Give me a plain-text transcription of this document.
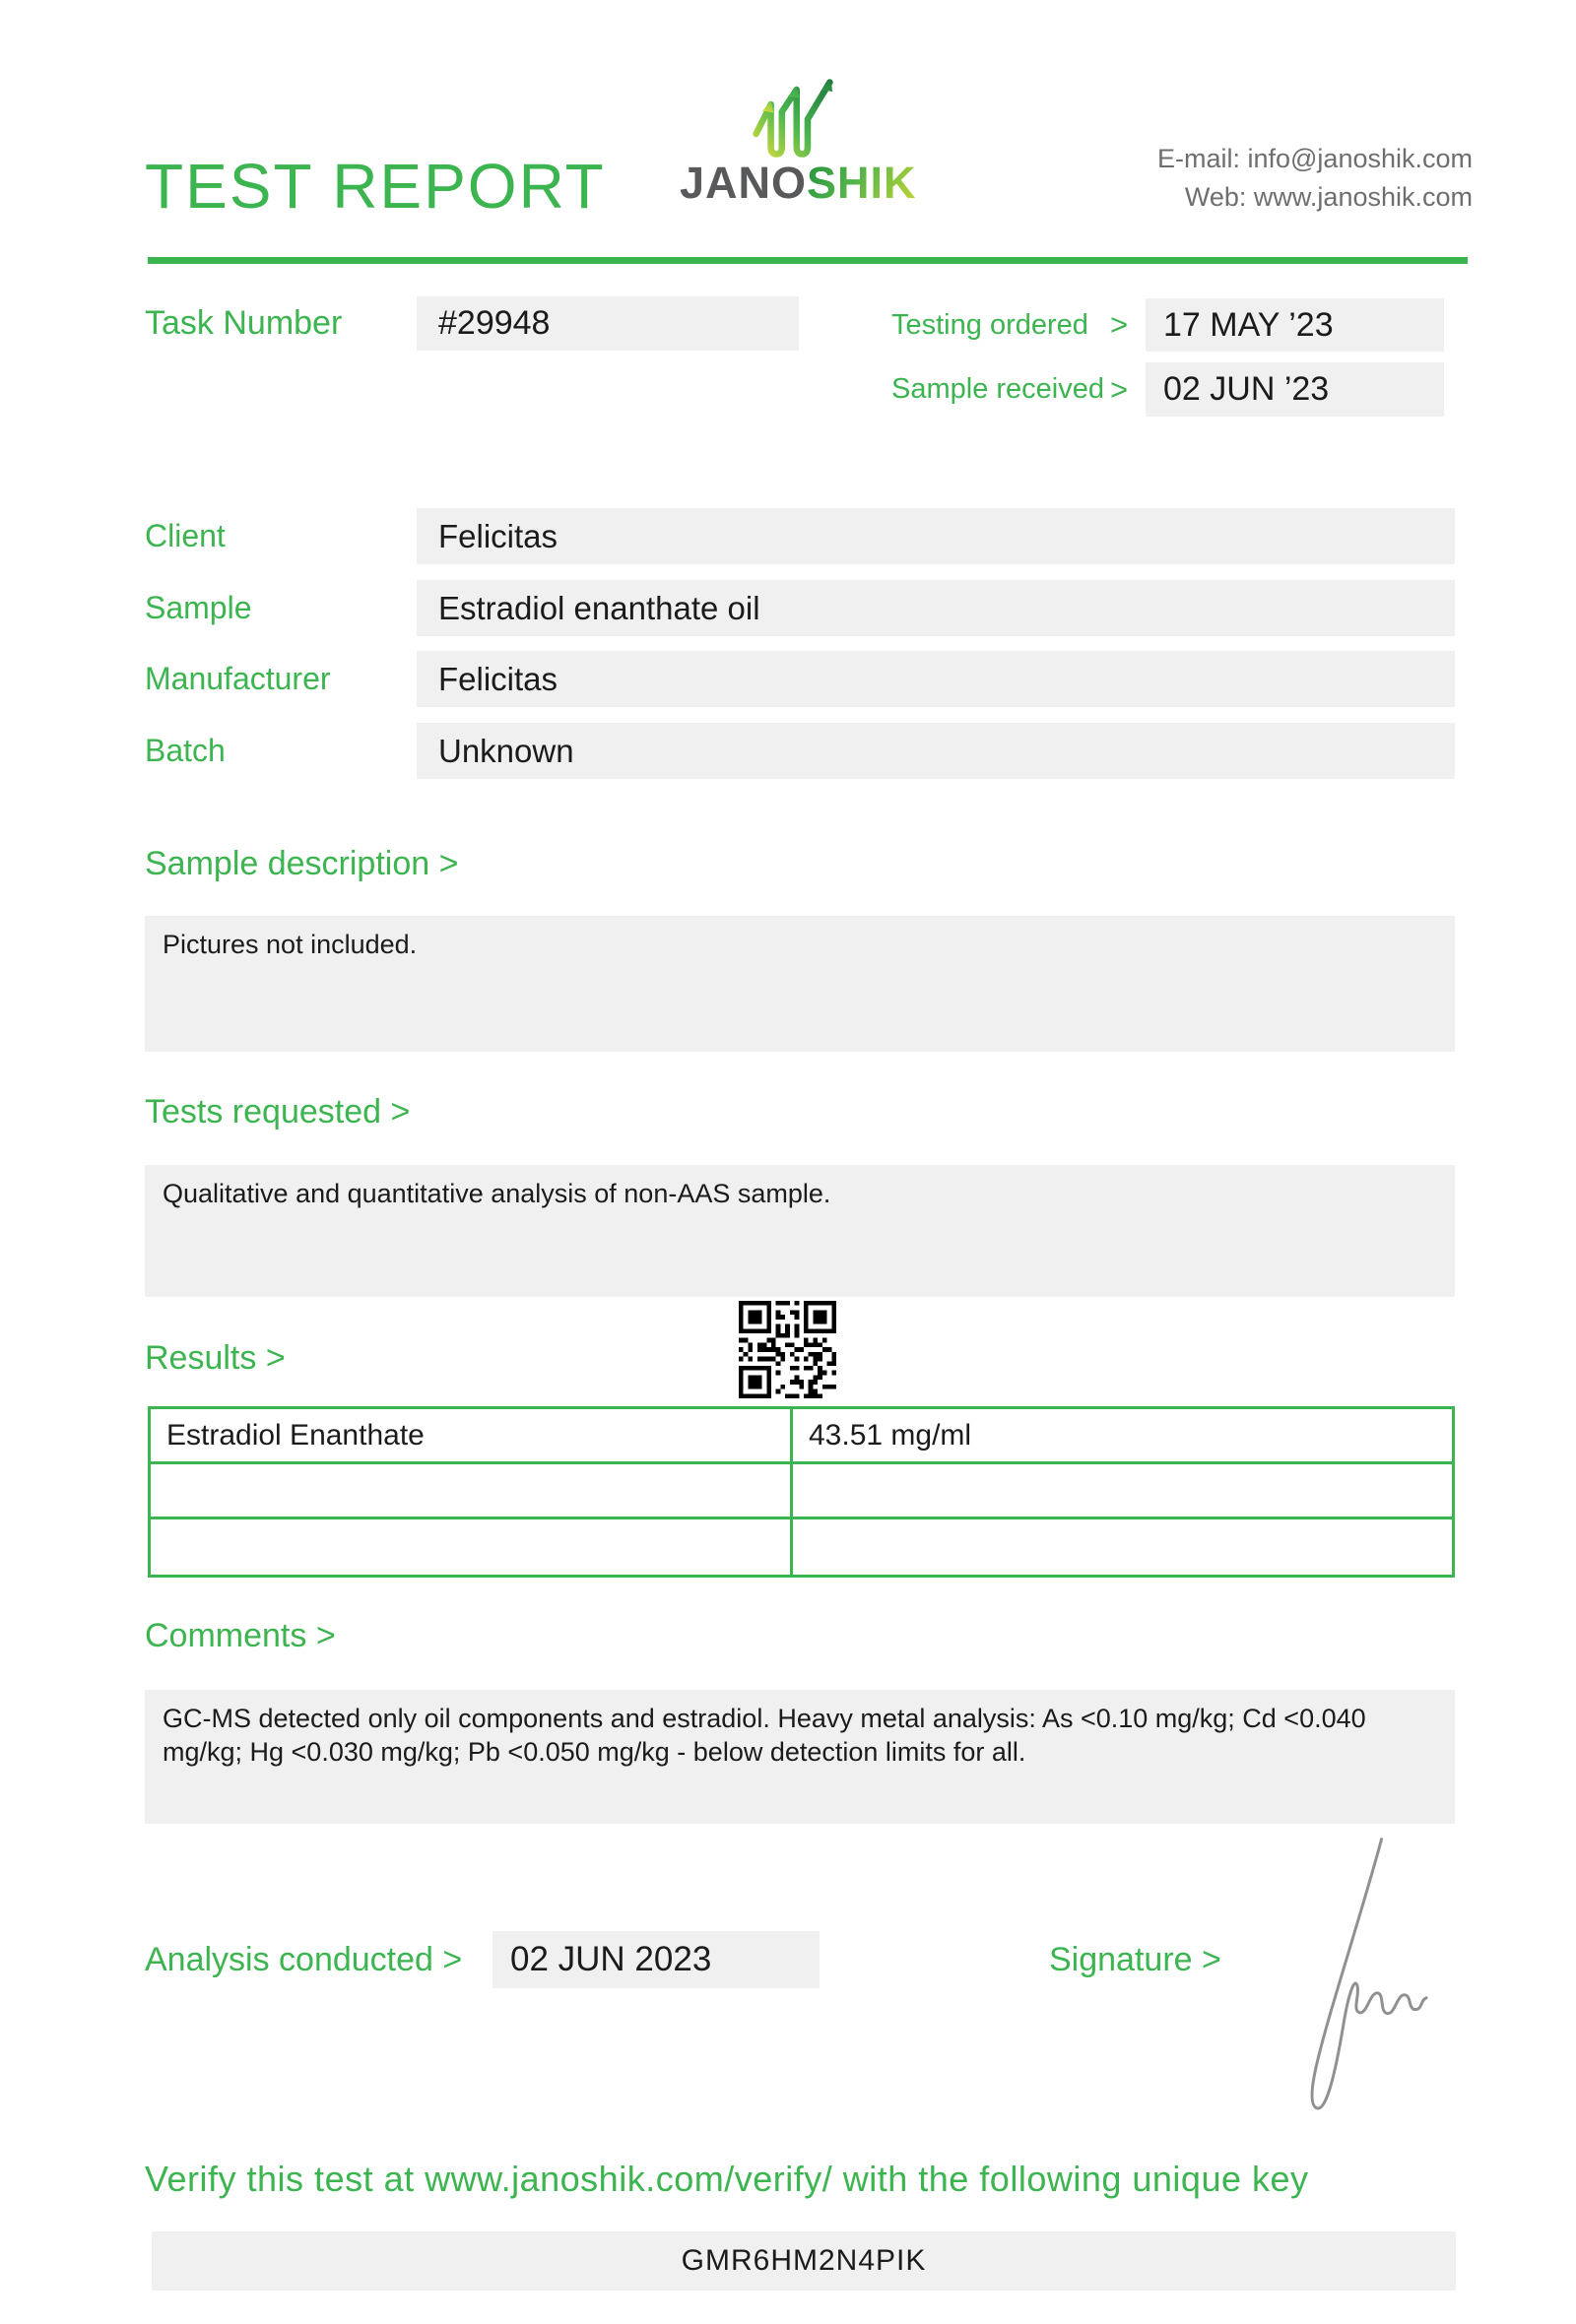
TEST REPORT JANOSHIK	E-mail: info@janoshik.com
Web: www.janoshik.com
Task Number	#29948	Testing ordered >	17 MAY ’23
Sample received >	02 JUN ’23
Client	Felicitas
Sample	Estradiol enanthate oil
Manufacturer	Felicitas
Batch	Unknown
Sample description >
Pictures not included.
Tests requested >
Qualitative and quantitative analysis of non-AAS sample.
Results >
Estradiol Enanthate	43.51 mg/ml
Comments >
GC-MS detected only oil components and estradiol. Heavy metal analysis: As <0.10 mg/kg; Cd <0.040 mg/kg; Hg <0.030 mg/kg; Pb <0.050 mg/kg - below detection limits for all.
Analysis conducted > 02 JUN 2023	Signature >
Verify this test at www.janoshik.com/verify/ with the following unique key
GMR6HM2N4PIK
